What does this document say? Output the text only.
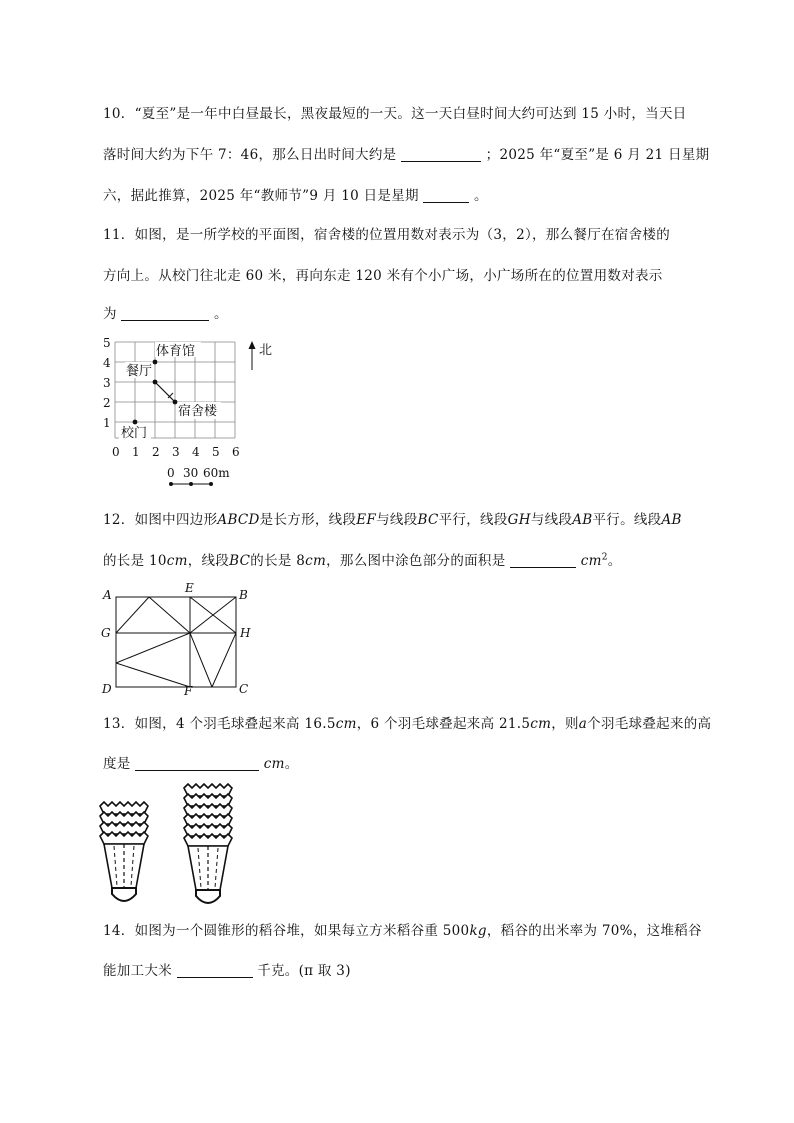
10．“夏至”是一年中白昼最长，黑夜最短的一天。这一天白昼时间大约可达到 15 小时，当天日
落时间大约为下午 7：46，那么日出时间大约是	；2025 年“夏至”是 6 月 21 日星期
六，据此推算，2025 年“教师节”9 月 10 日是星期	。
11．如图，是一所学校的平面图，宿舍楼的位置用数对表示为（3，2），那么餐厅在宿舍楼的
方向上。从校门往北走 60 米，再向东走 120 米有个小广场，小广场所在的位置用数对表示
为	。
5
4
3
2
1
0 1 2 3 4 5 6
北
体育馆
餐厅
宿舍楼
校门
0 30 60m
12．如图中四边形ABCD是长方形，线段EF与线段BC平行，线段GH与线段AB平行。线段AB
的长是 10cm，线段BC的长是 8cm，那么图中涂色部分的面积是	$cm^2$。
A	E	B
G	H
D	F	C
13．如图，4 个羽毛球叠起来高 16.5cm，6 个羽毛球叠起来高 21.5cm，则a个羽毛球叠起来的高
度是	cm。
14．如图为一个圆锥形的稻谷堆，如果每立方米稻谷重 500kg，稻谷的出米率为 70%，这堆稻谷
能加工大米	千克。(π 取 3)
